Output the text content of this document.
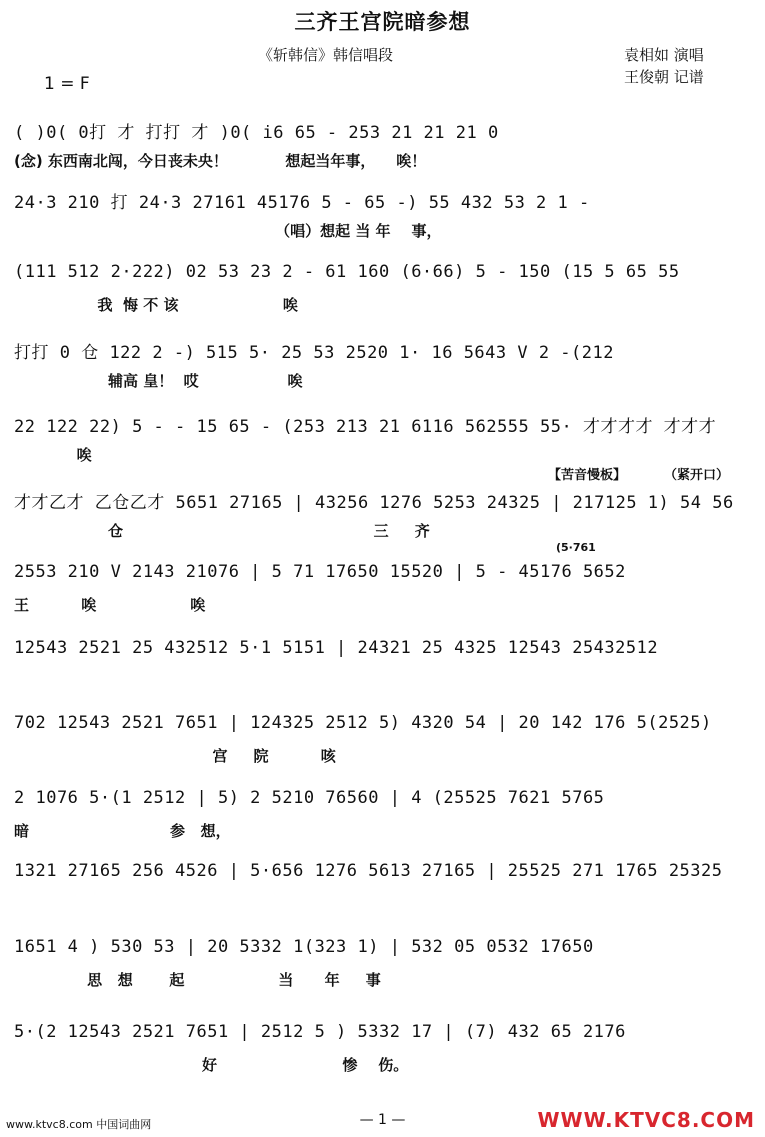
三齐王宫院暗参想
《斩韩信》韩信唱段	袁相如 演唱
王俊朝 记谱
1 = F
( )0( 0打 才 打打 才 )0( i6 65 - 253 21 21 21 0
(念) 东西南北闯，今日丧未央！           想起当年事，    唉！
24·3 210 打 24·3 27161 45176 5 - 65 -) 55 432 53 2 1 -
（唱）想起 当 年    事，
(111 512 2·222) 02 53 23 2 - 61 160 (6·66) 5 - 150 (15 5 65 55
我  悔 不 该                    唉
打打 0 仓 122 2 -) 515 5· 25 53 2520 1· 16 5643 V 2 -(212
辅高 皇！  哎                 唉
22 122 22) 5 - - 15 65 - (253 213 21 6116 562555 55· 才才才才 才才才
唉
才才乙才 乙仓乙才 5651 27165 | 43256 1276 5253 24325 | 217125 1) 54 56
仓                                                三     齐
2553 210 V 2143 21076 | 5 71 17650 15520 | 5 - 45176 5652
王          唉                  唉
12543 2521 25 432512 5·1 5151 | 24321 25 4325 12543 25432512
702 12543 2521 7651 | 124325 2512 5) 4320 54 | 20 142 176 5(2525)
宫     院          咳
2 1076 5·(1 2512 | 5) 2 5210 76560 | 4 (25525 7621 5765
暗                           参   想，
1321 27165 256 4526 | 5·656 1276 5613 27165 | 25525 271 1765 25325
1651 4 ) 530 53 | 20 5332 1(323 1) | 532 05 0532 17650
思   想       起                  当      年     事
5·(2 12543 2521 7651 | 2512 5 ) 5332 17 | (7) 432 65 2176
好                        惨    伤。
【苦音慢板】	（紧开口）
(5·761
www.ktvc8.com 中国词曲网	— 1 —	WWW.KTVC8.COM
